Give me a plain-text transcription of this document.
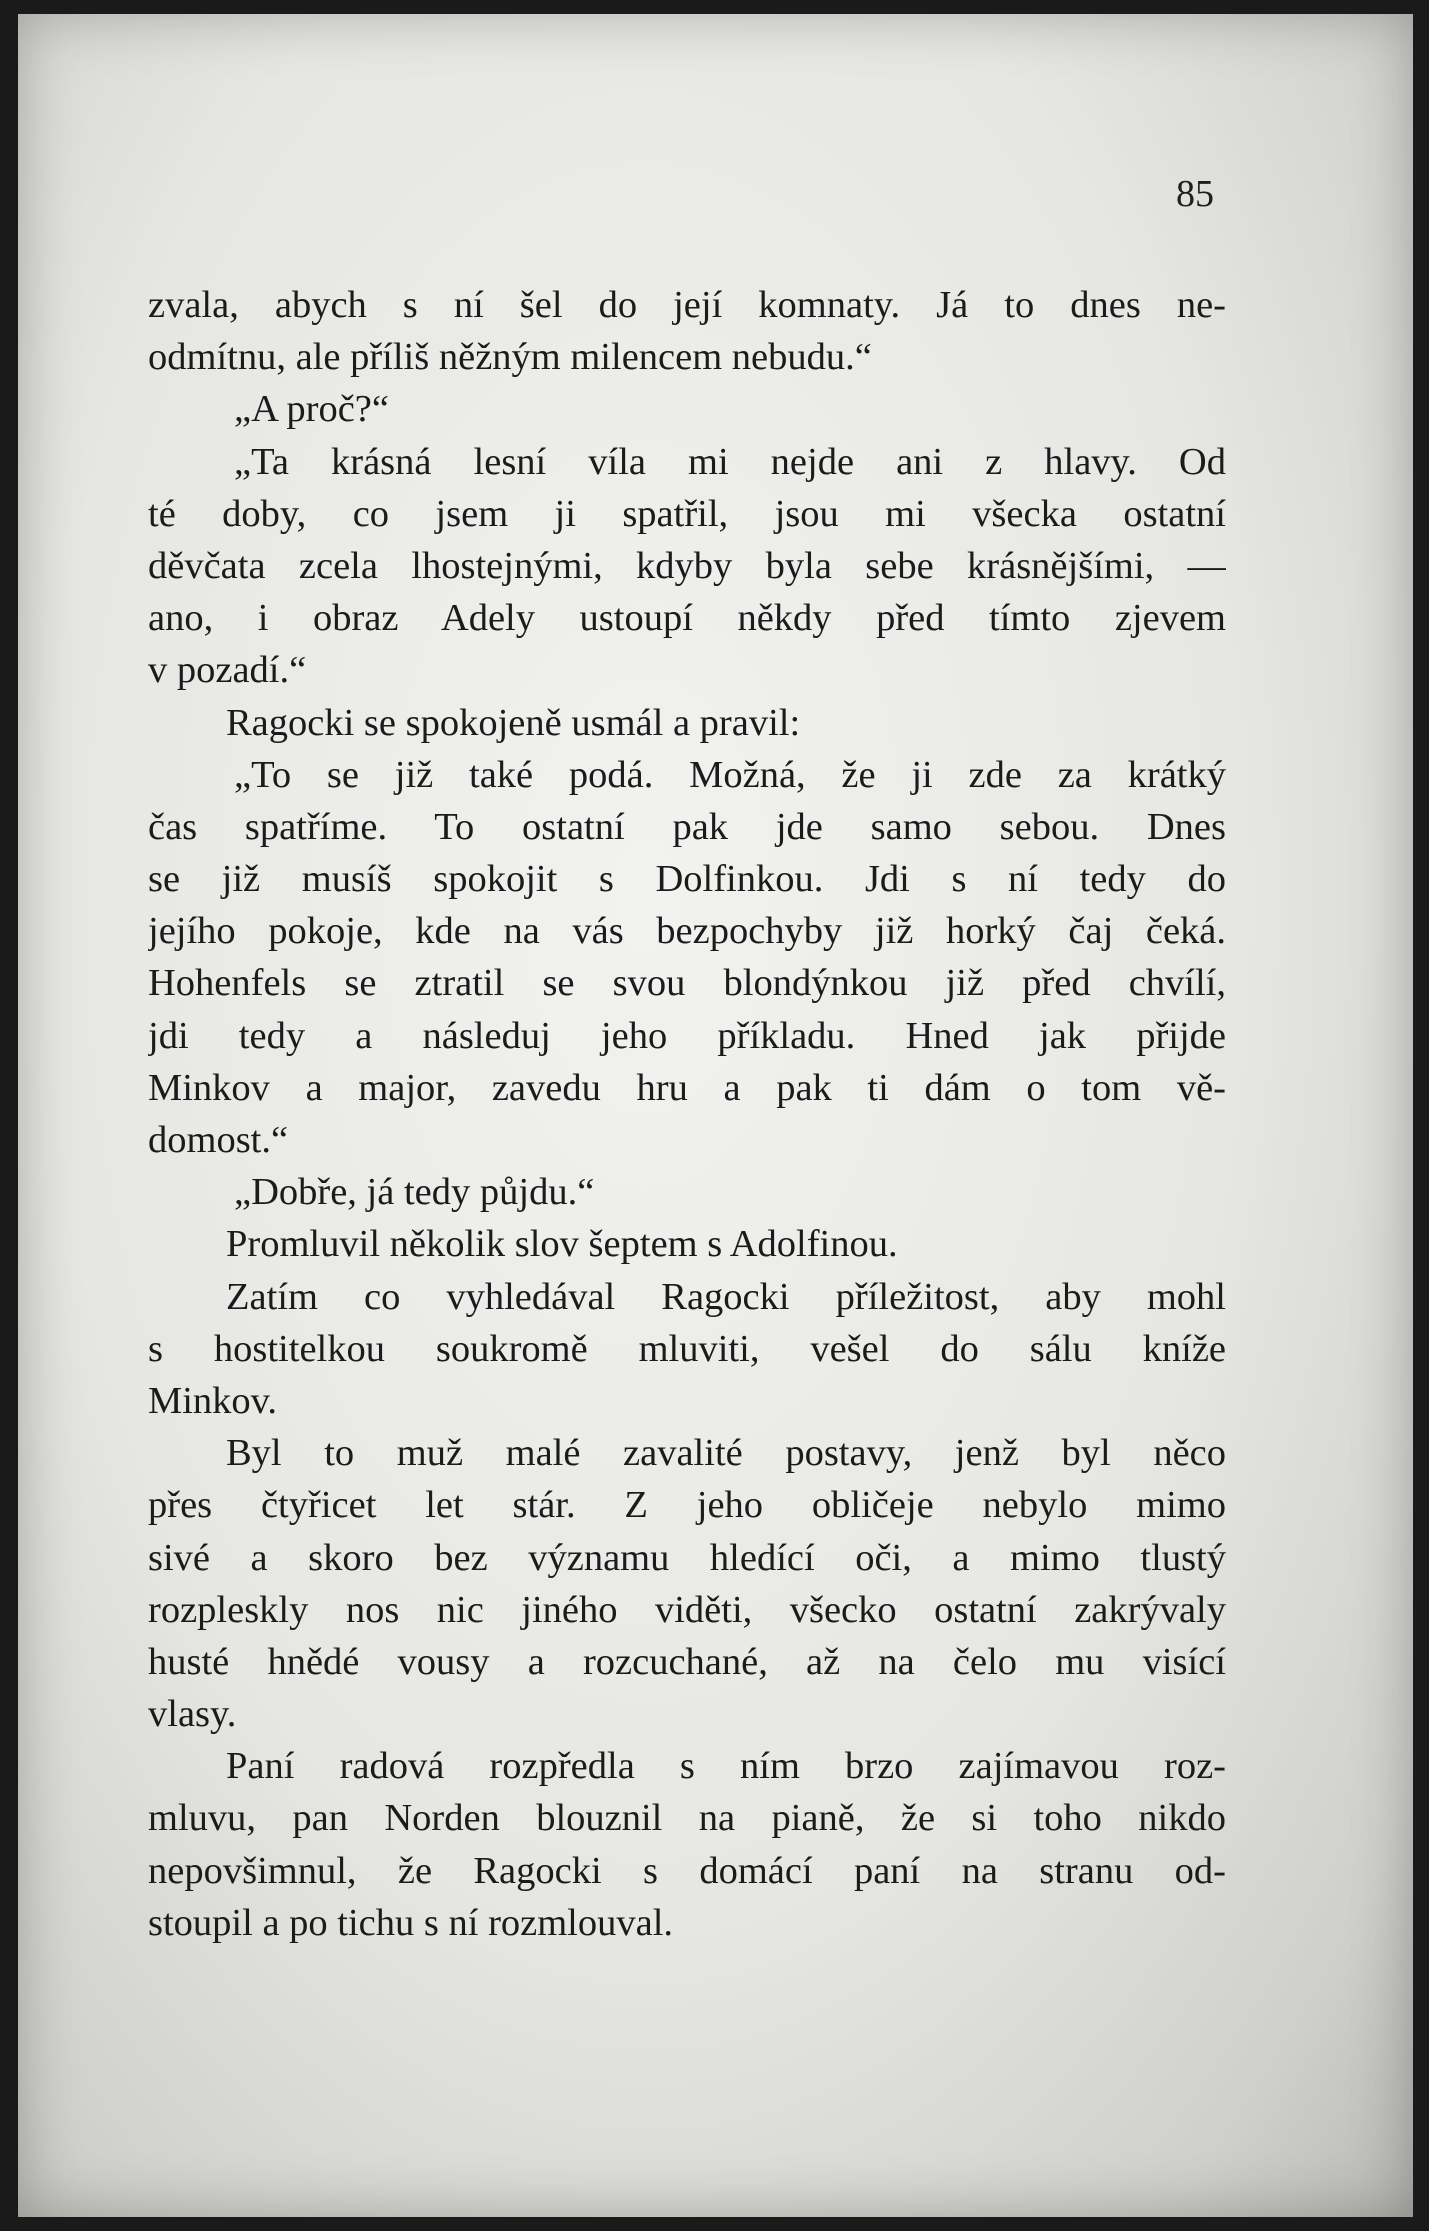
85
zvala, abych s ní šel do její komnaty. Já to dnes ne-
odmítnu, ale příliš něžným milencem nebudu.“
„A proč?“
„Ta krásná lesní víla mi nejde ani z hlavy. Od
té doby, co jsem ji spatřil, jsou mi všecka ostatní
děvčata zcela lhostejnými, kdyby byla sebe krásnějšími, —
ano, i obraz Adely ustoupí někdy před tímto zjevem
v pozadí.“
Ragocki se spokojeně usmál a pravil:
„To se již také podá. Možná, že ji zde za krátký
čas spatříme. To ostatní pak jde samo sebou. Dnes
se již musíš spokojit s Dolfinkou. Jdi s ní tedy do
jejího pokoje, kde na vás bezpochyby již horký čaj čeká.
Hohenfels se ztratil se svou blondýnkou již před chvílí,
jdi tedy a následuj jeho příkladu. Hned jak přijde
Minkov a major, zavedu hru a pak ti dám o tom vě-
domost.“
„Dobře, já tedy půjdu.“
Promluvil několik slov šeptem s Adolfinou.
Zatím co vyhledával Ragocki příležitost, aby mohl
s hostitelkou soukromě mluviti, vešel do sálu kníže
Minkov.
Byl to muž malé zavalité postavy, jenž byl něco
přes čtyřicet let stár. Z jeho obličeje nebylo mimo
sivé a skoro bez významu hledící oči, a mimo tlustý
rozpleskly nos nic jiného viděti, všecko ostatní zakrývaly
husté hnědé vousy a rozcuchané, až na čelo mu visící
vlasy.
Paní radová rozpředla s ním brzo zajímavou roz-
mluvu, pan Norden blouznil na pianě, že si toho nikdo
nepovšimnul, že Ragocki s domácí paní na stranu od-
stoupil a po tichu s ní rozmlouval.
